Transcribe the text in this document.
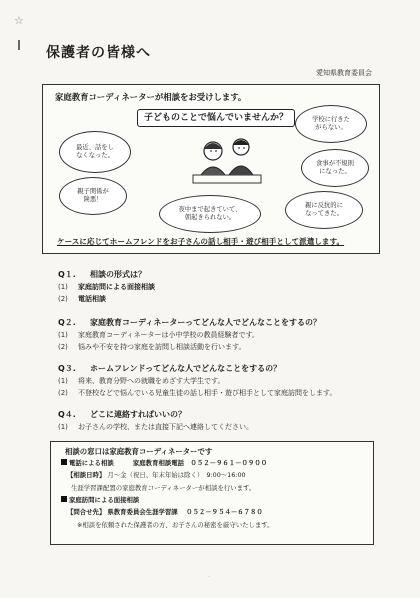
☆
保護者の皆様へ
愛知県教育委員会
家庭教育コーディネーターが相談をお受けします。
子どものことで悩んでいませんか？
最近、話をし
なくなった。
学校に行きた
がらない。
食事が不規則
になった。
親子関係が
険悪！
夜中まで起きていて、
朝起きられない。
親に反抗的に
なってきた。
ケースに応じてホームフレンドをお子さんの話し相手・遊び相手として派遣します。
Q１. 相談の形式は？
(1) 家庭訪問による面接相談
(2) 電話相談
Q２. 家庭教育コーディネーターってどんな人でどんなことをするの？
(1) 家庭教育コーディネーターは小中学校の教員経験者です。
(2) 悩みや不安を持つ家庭を訪問し相談活動を行います。
Q３. ホームフレンドってどんな人でどんなことをするの？
(1) 将来、教育分野への就職をめざす大学生です。
(2) 不登校などで悩んでいる児童生徒の話し相手・遊び相手として家庭訪問をします。
Q４. どこに連絡すればいいの？
(1) お子さんの学校、または直接下記へ連絡してください。
相談の窓口は家庭教育コーディネーターです
電話による相談　　　	家庭教育相談電話　 ０５２－９６１－０９００
【相談日時】 月～金（祝日、年末年始は除く）　9:00～16:00
生涯学習課配置の家庭教育コーディネーターが相談を行います。
家庭訪問による面接相談
【問合せ先】 県教育委員会生涯学習課　 ０５２－９５４－６７８０
※相談を依頼された保護者の方、お子さんの秘密を厳守いたします。
·
